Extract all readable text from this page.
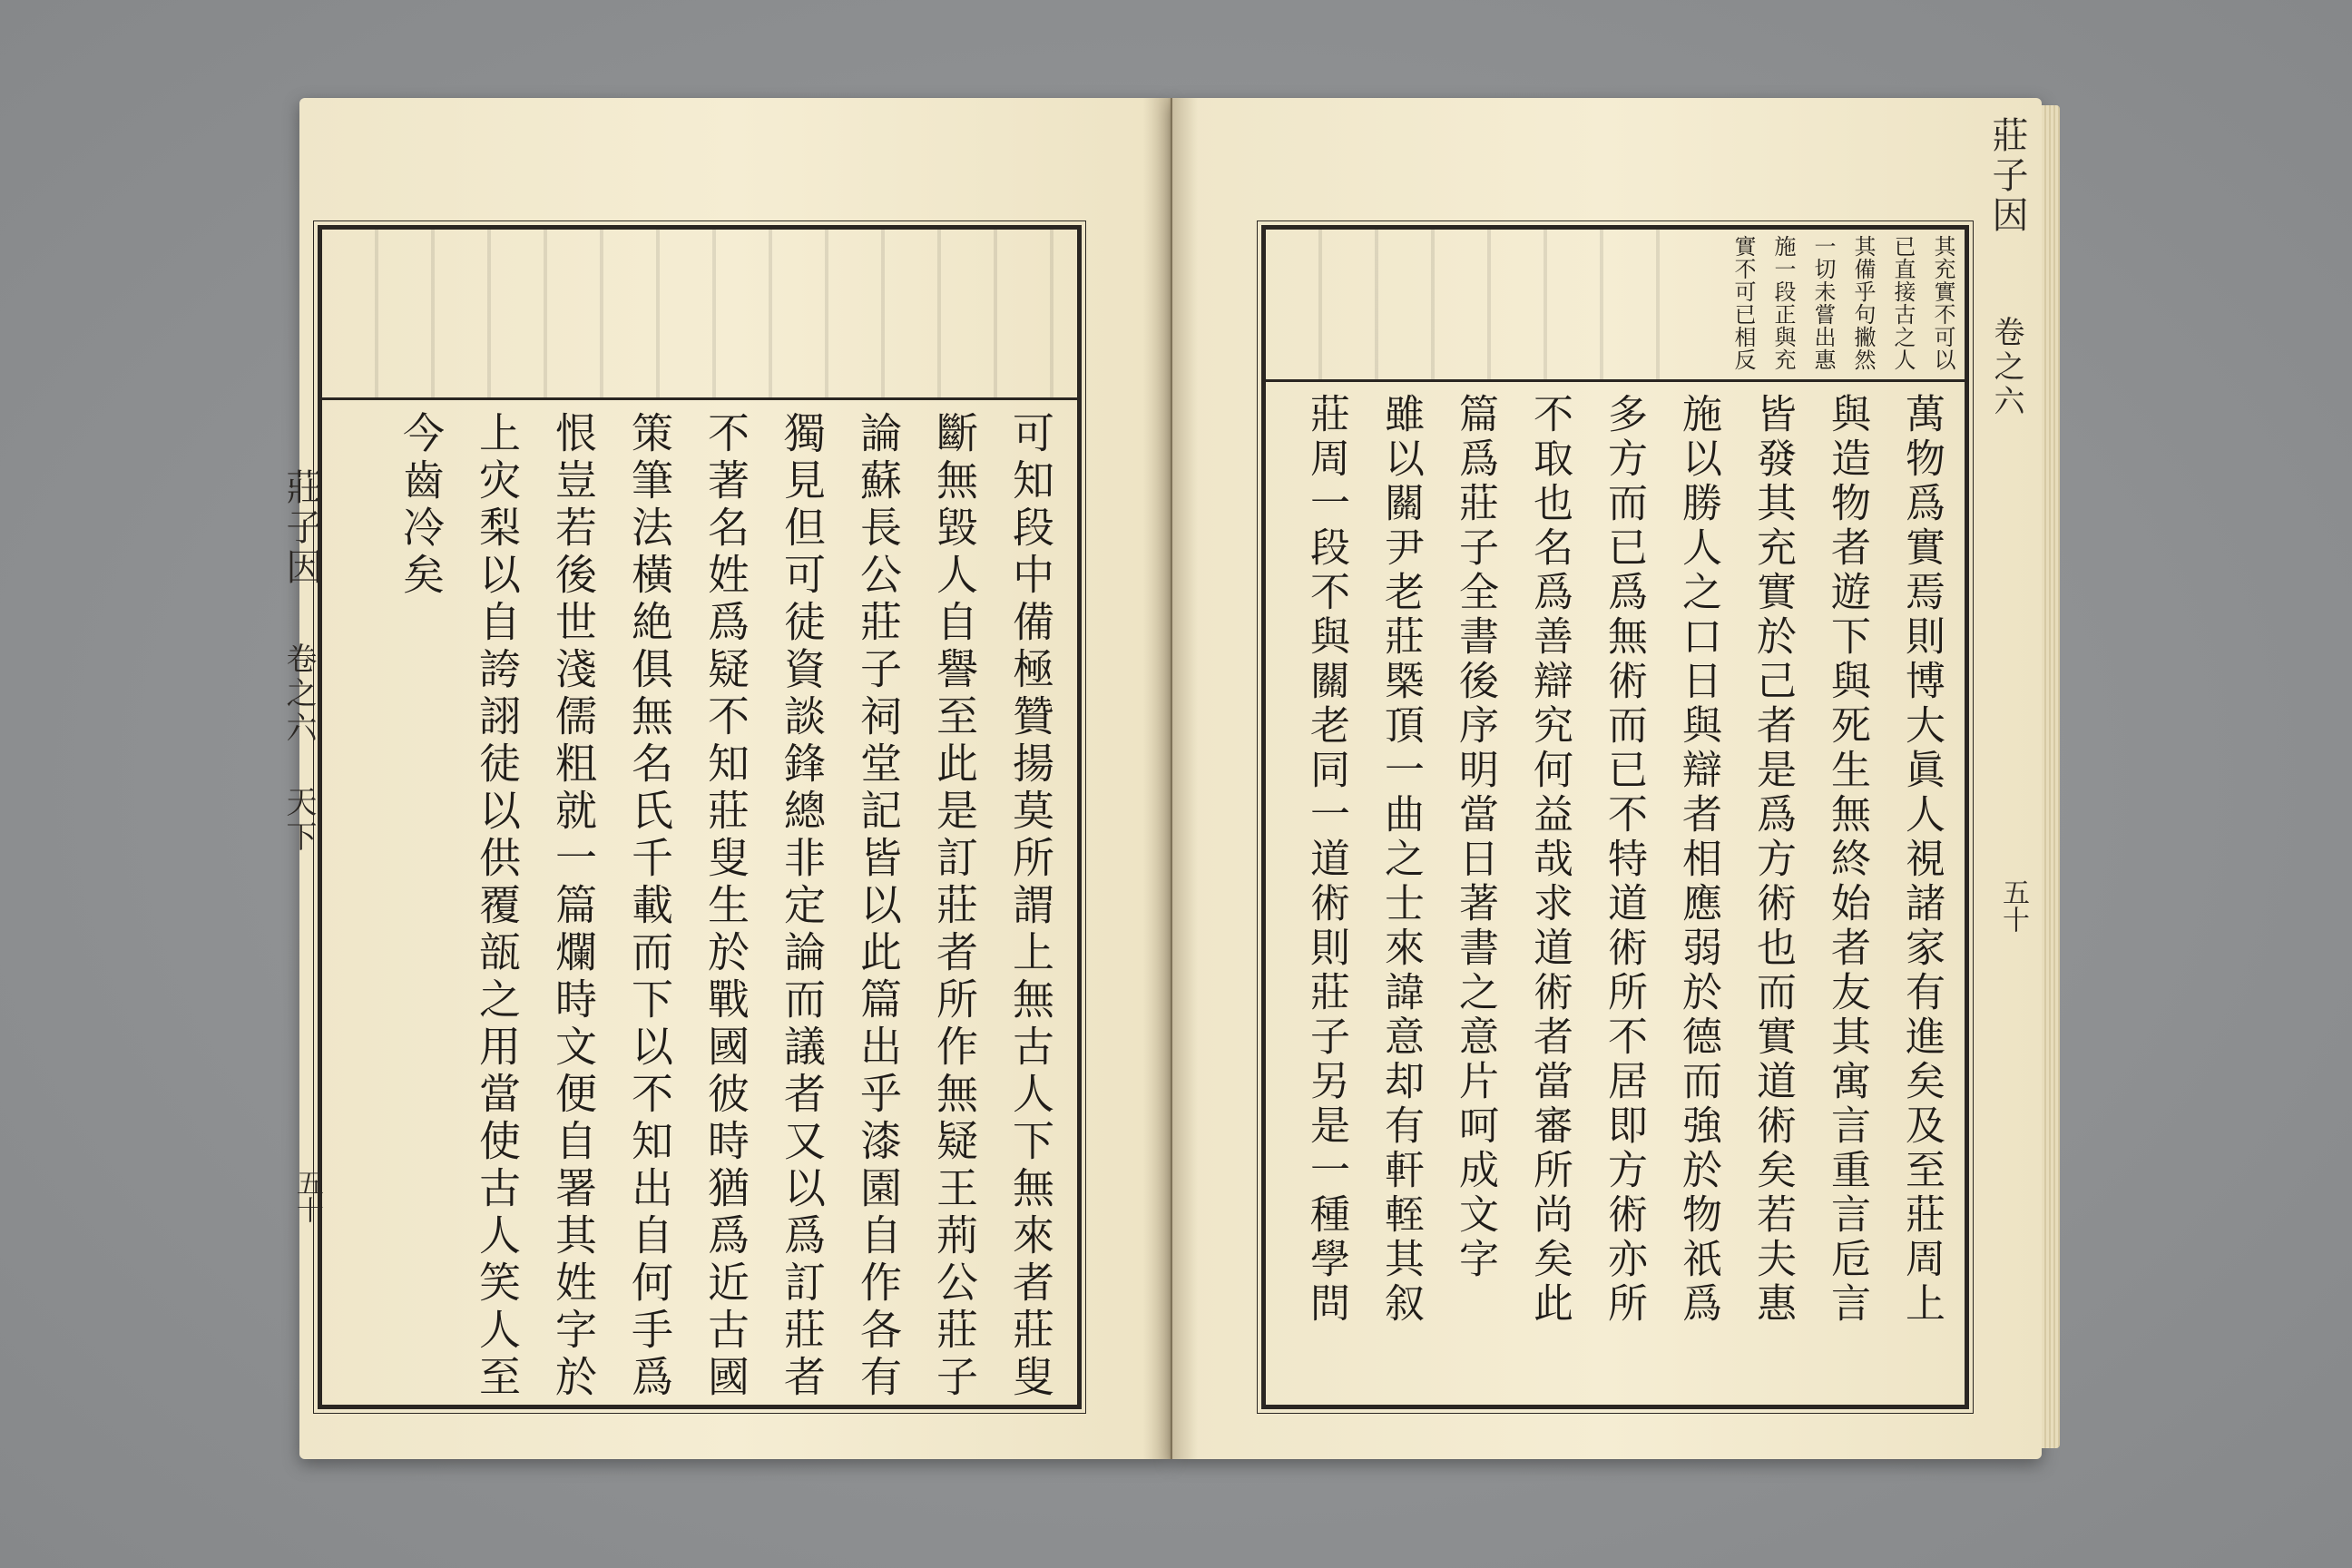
莊子因
卷之六 天下
五十	可知段中備極贊揚莫所謂上無古人下無來者莊叟
斷無毀人自譽至此是訂莊者所作無疑王荊公莊子
論蘇長公莊子祠堂記皆以此篇出乎漆園自作各有
獨見但可徒資談鋒總非定論而議者又以爲訂莊者
不著名姓爲疑不知莊叟生於戰國彼時猶爲近古國
策筆法橫絶俱無名氏千載而下以不知出自何手爲
恨豈若後世淺儒粗就一篇爛時文便自署其姓字於
上灾梨以自誇詡徒以供覆瓿之用當使古人笑人至
今齒冷矣
其充實不可以
已直接古之人
其備乎句撇然
一切未嘗出惠
施一段正與充
實不可已相反
萬物爲實焉則博大眞人視諸家有進矣及至莊周上
與造物者遊下與死生無終始者友其寓言重言卮言
皆發其充實於己者是爲方術也而實道術矣若夫惠
施以勝人之口日與辯者相應弱於德而強於物祇爲
多方而已爲無術而已不特道術所不居即方術亦所
不取也名爲善辯究何益哉求道術者當審所尚矣此
篇爲莊子全書後序明當日著書之意片呵成文字
雖以關尹老莊槩頂一曲之士來諱意却有軒輊其叙
莊周一段不與關老同一道術則莊子另是一種學問
莊子因
卷之六
五十
